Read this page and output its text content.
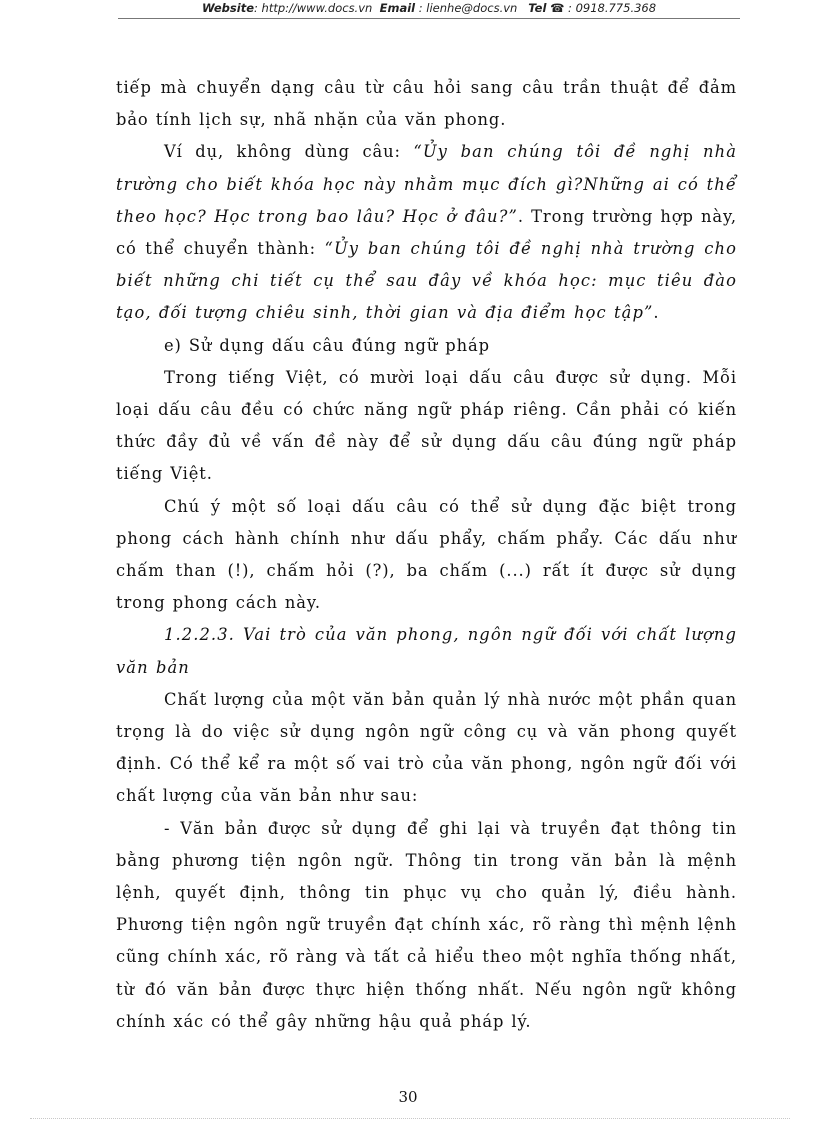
Website: http://www.docs.vn Email : lienhe@docs.vn Tel ☎ : 0918.775.368

tiếp mà chuyển dạng câu từ câu hỏi sang câu trần thuật để đảm bảo tính lịch sự, nhã nhặn của văn phong.

Ví dụ, không dùng câu: “Ủy ban chúng tôi đề nghị nhà trường cho biết khóa học này nhằm mục đích gì?Những ai có thể theo học? Học trong bao lâu? Học ở đâu?”. Trong trường hợp này, có thể chuyển thành: “Ủy ban chúng tôi đề nghị nhà trường cho biết những chi tiết cụ thể sau đây về khóa học: mục tiêu đào tạo, đối tượng chiêu sinh, thời gian và địa điểm học tập”.

e) Sử dụng dấu câu đúng ngữ pháp

Trong tiếng Việt, có mười loại dấu câu được sử dụng. Mỗi loại dấu câu đều có chức năng ngữ pháp riêng. Cần phải có kiến thức đầy đủ về vấn đề này để sử dụng dấu câu đúng ngữ pháp tiếng Việt.

Chú ý một số loại dấu câu có thể sử dụng đặc biệt trong phong cách hành chính như dấu phẩy, chấm phẩy. Các dấu như chấm than (!), chấm hỏi (?), ba chấm (...) rất ít được sử dụng trong phong cách này.

1.2.2.3. Vai trò của văn phong, ngôn ngữ đối với chất lượng văn bản

Chất lượng của một văn bản quản lý nhà nước một phần quan trọng là do việc sử dụng ngôn ngữ công cụ và văn phong quyết định. Có thể kể ra một số vai trò của văn phong, ngôn ngữ đối với chất lượng của văn bản như sau:

- Văn bản được sử dụng để ghi lại và truyền đạt thông tin bằng phương tiện ngôn ngữ. Thông tin trong văn bản là mệnh lệnh, quyết định, thông tin phục vụ cho quản lý, điều hành. Phương tiện ngôn ngữ truyền đạt chính xác, rõ ràng thì mệnh lệnh cũng chính xác, rõ ràng và tất cả hiểu theo một nghĩa thống nhất, từ đó văn bản được thực hiện thống nhất. Nếu ngôn ngữ không chính xác có thể gây những hậu quả pháp lý.

30
